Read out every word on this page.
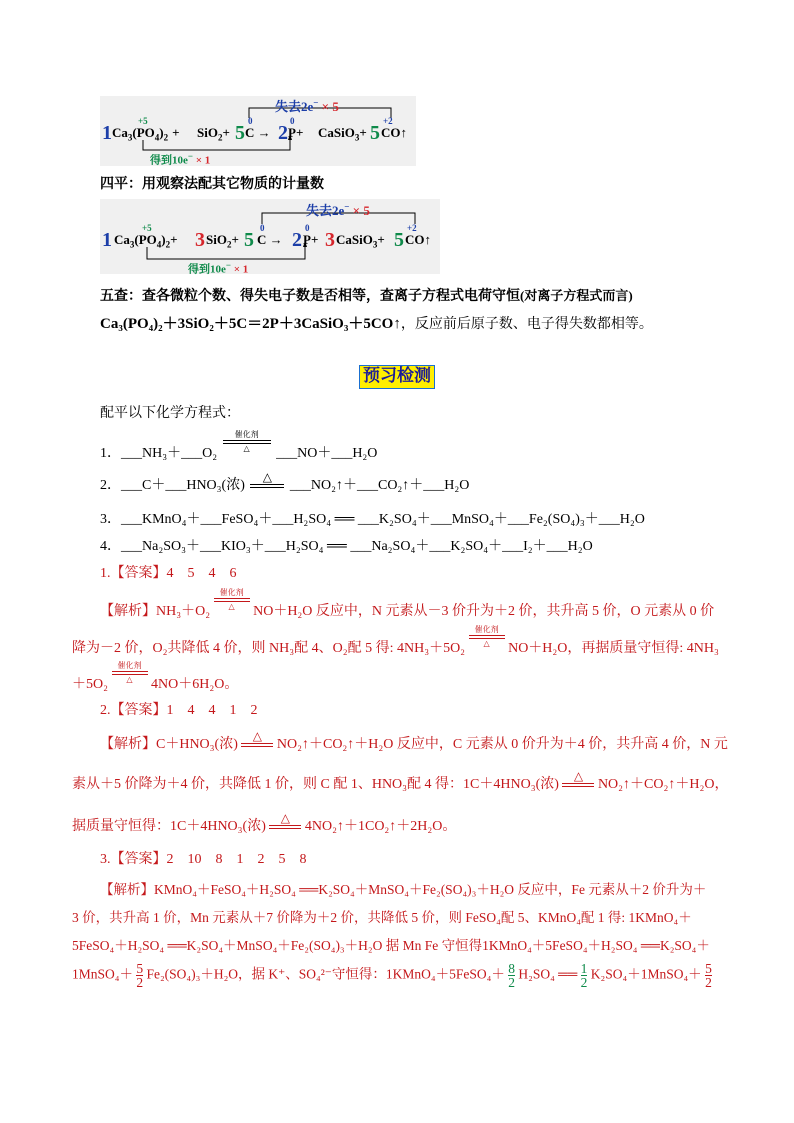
失去2e− × 5
1 $Ca_3(PO_4)_2$ +
+5
SiO$_2$+ 5
0
C → 2
0
P+ CaSiO$_3$+ 5
+2
CO↑
得到10e− × 1
四平：用观察法配其它物质的计量数
失去2e− × 5
1 $Ca_3(PO_4)_2+$
+5
3 SiO$_2$+ 5
0
C → 2
0
P+ 3 CaSiO$_3$+ 5
+2
CO↑
得到10e− × 1
五查：查各微粒个数、得失电子数是否相等，查离子方程式电荷守恒(对离子方程式而言)
Ca₃(PO₄)₂＋3SiO₂＋5C＝2P＋3CaSiO₃＋5CO↑，反应前后原子数、电子得失数都相等。
预习检测
配平以下化学方程式：
1．___NH₃＋___O₂
催化剂
△	___NO＋___H₂O
2．___C＋___HNO₃(浓)
△
___NO₂↑＋___CO₂↑＋___H₂O
3．___KMnO₄＋___FeSO₄＋___H₂SO₄ ══ ___K₂SO₄＋___MnSO₄＋___Fe₂(SO₄)₃＋___H₂O
4．___Na₂SO₃＋___KIO₃＋___H₂SO₄ ══ ___Na₂SO₄＋___K₂SO₄＋___I₂＋___H₂O
1.【答案】4　5　4　6
【解析】NH₃＋O₂
催化剂
△	NO＋H₂O 反应中，N 元素从－3 价升为＋2 价，共升高 5 价，O 元素从 0 价
降为－2 价，O₂共降低 4 价，则 NH₃配 4、O₂配 5 得: 4NH₃＋5O₂
催化剂
△	NO＋H₂O，再据质量守恒得: 4NH₃
＋5O₂
催化剂
△	4NO＋6H₂O。
2.【答案】1　4　4　1　2
【解析】C＋HNO₃(浓)
△
NO₂↑＋CO₂↑＋H₂O 反应中，C 元素从 0 价升为＋4 价，共升高 4 价，N 元
素从＋5 价降为＋4 价，共降低 1 价，则 C 配 1、HNO₃配 4 得：1C＋4HNO₃(浓)
△
NO₂↑＋CO₂↑＋H₂O，
据质量守恒得：1C＋4HNO₃(浓)
△
4NO₂↑＋1CO₂↑＋2H₂O。
3.【答案】2　10　8　1　2　5　8
【解析】KMnO₄＋FeSO₄＋H₂SO₄ ══K₂SO₄＋MnSO₄＋Fe₂(SO₄)₃＋H₂O 反应中，Fe 元素从＋2 价升为＋
3 价，共升高 1 价，Mn 元素从＋7 价降为＋2 价，共降低 5 价，则 FeSO₄配 5、KMnO₄配 1 得: 1KMnO₄＋
5FeSO₄＋H₂SO₄ ══K₂SO₄＋MnSO₄＋Fe₂(SO₄)₃＋H₂O 据 Mn Fe 守恒得1KMnO₄＋5FeSO₄＋H₂SO₄ ══K₂SO₄＋
1MnSO₄＋ $\frac{5}{2} Fe_2(SO_4)_3+H_2O$，据 K⁺、SO₄²⁻守恒得：1KMnO₄＋5FeSO₄＋ $\frac{8}{2} H_2SO_4$ ══ $\frac{1}{2}$ K₂SO₄＋1MnSO₄＋ $\frac{5}{2}$
